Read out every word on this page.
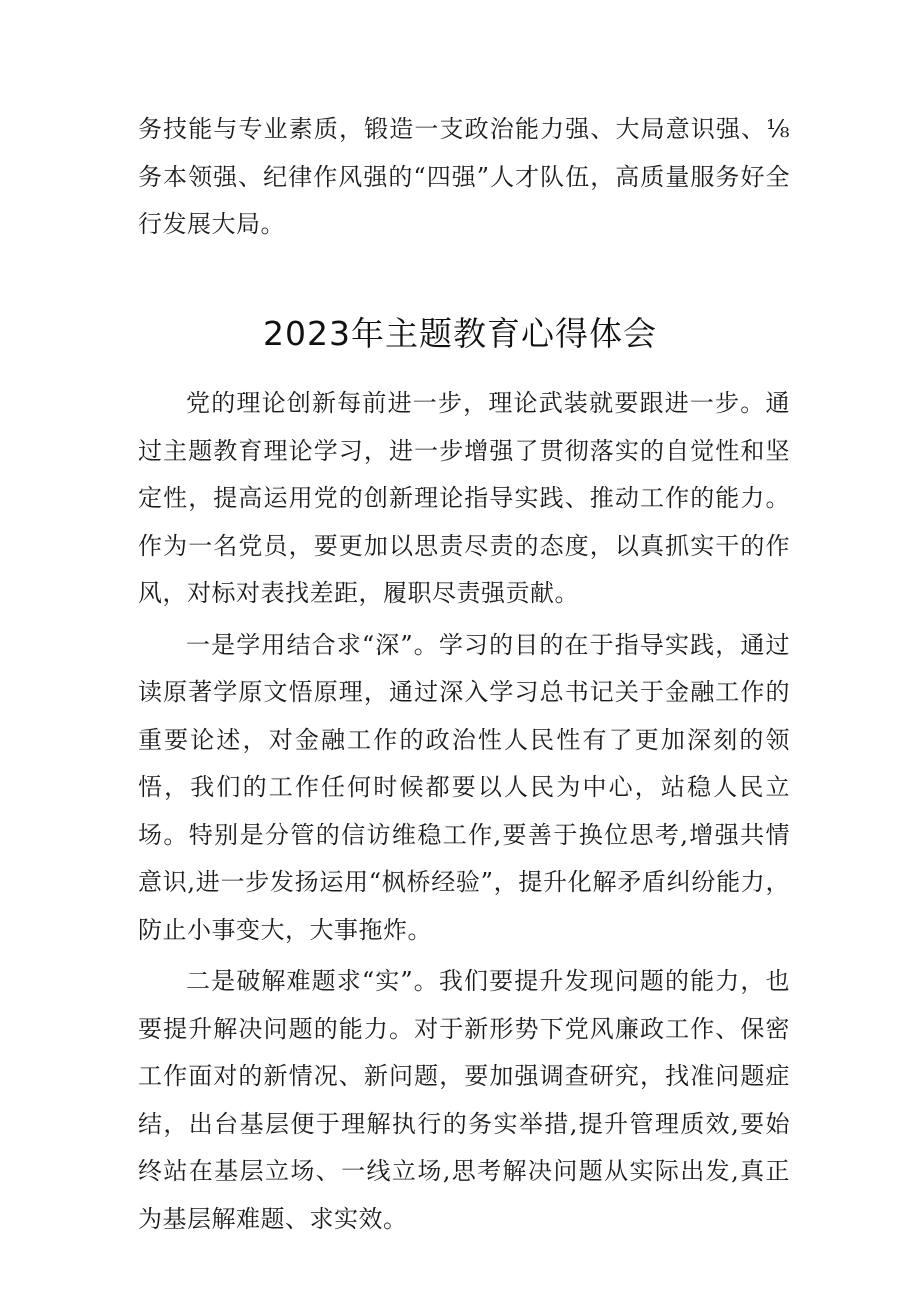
务技能与专业素质，锻造一支政治能力强、大局意识强、⅛务本领强、纪律作风强的“四强”人才队伍，高质量服务好全行发展大局。

2023年主题教育心得体会

党的理论创新每前进一步，理论武装就要跟进一步。通过主题教育理论学习，进一步增强了贯彻落实的自觉性和坚定性，提高运用党的创新理论指导实践、推动工作的能力。作为一名党员，要更加以思责尽责的态度，以真抓实干的作风，对标对表找差距，履职尽责强贡献。

一是学用结合求“深”。学习的目的在于指导实践，通过读原著学原文悟原理，通过深入学习总书记关于金融工作的重要论述，对金融工作的政治性人民性有了更加深刻的领悟，我们的工作任何时候都要以人民为中心，站稳人民立场。特别是分管的信访维稳工作,要善于换位思考,增强共情意识,进一步发扬运用“枫桥经验”，提升化解矛盾纠纷能力，防止小事变大，大事拖炸。

二是破解难题求“实”。我们要提升发现问题的能力，也要提升解决问题的能力。对于新形势下党风廉政工作、保密工作面对的新情况、新问题，要加强调查研究，找准问题症结，出台基层便于理解执行的务实举措,提升管理质效,要始终站在基层立场、一线立场,思考解决问题从实际出发,真正为基层解难题、求实效。
